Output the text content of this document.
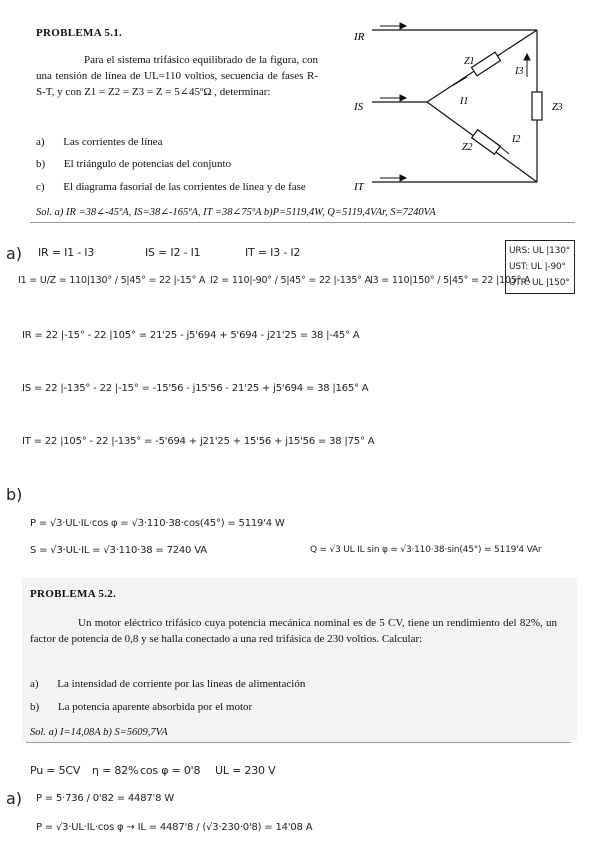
PROBLEMA 5.1.
Para el sistema trifásico equilibrado de la figura, con una tensión de línea de UL=110 voltios, secuencia de fases R-S-T, y con Z1 = Z2 = Z3 = Z = 5∠45ºΩ , determinar:
a) Las corrientes de línea
b) El triángulo de potencias del conjunto
c) El diagrama fasorial de las corrientes de línea y de fase
Sol. a) IR =38∠-45ºA, IS=38∠-165ºA, IT =38∠75ºA b)P=5119,4W, Q=5119,4VAr, S=7240VA
IR
IS
IT
Z1
Z2
Z3
I1
I2
I3
a) IR = I1 - I3	IS = I2 - I1	IT = I3 - I2
I1 = U/Z = 110|130° / 5|45° = 22 |-15° A I2 = 110|-90° / 5|45° = 22 |-135° A I3 = 110|150° / 5|45° = 22 |105° A
URS: UL |130°
UST: UL |-90°
UTR: UL |150°
IR = 22 |-15° - 22 |105° = 21'25 - j5'694 + 5'694 - j21'25 = 38 |-45° A
IS = 22 |-135° - 22 |-15° = -15'56 - j15'56 - 21'25 + j5'694 = 38 |165° A
IT = 22 |105° - 22 |-135° = -5'694 + j21'25 + 15'56 + j15'56 = 38 |75° A
b)
P = √3·UL·IL·cos φ = √3·110·38·cos(45°) = 5119'4 W
S = √3·UL·IL = √3·110·38 = 7240 VA	Q = √3 UL IL sin φ = √3·110·38·sin(45°) = 5119'4 VAr
PROBLEMA 5.2.
Un motor eléctrico trifásico cuya potencia mecánica nominal es de 5 CV, tiene un rendimiento del 82%, un factor de potencia de 0,8 y se halla conectado a una red trifásica de 230 voltios. Calcular:
a) La intensidad de corriente por las líneas de alimentación
b) La potencia aparente absorbida por el motor
Sol. a) I=14,08A b) S=5609,7VA
Pu = 5CV η = 82% cos φ = 0'8 UL = 230 V
a) P = 5·736 / 0'82 = 4487'8 W
P = √3·UL·IL·cos φ → IL = 4487'8 / (√3·230·0'8) = 14'08 A
